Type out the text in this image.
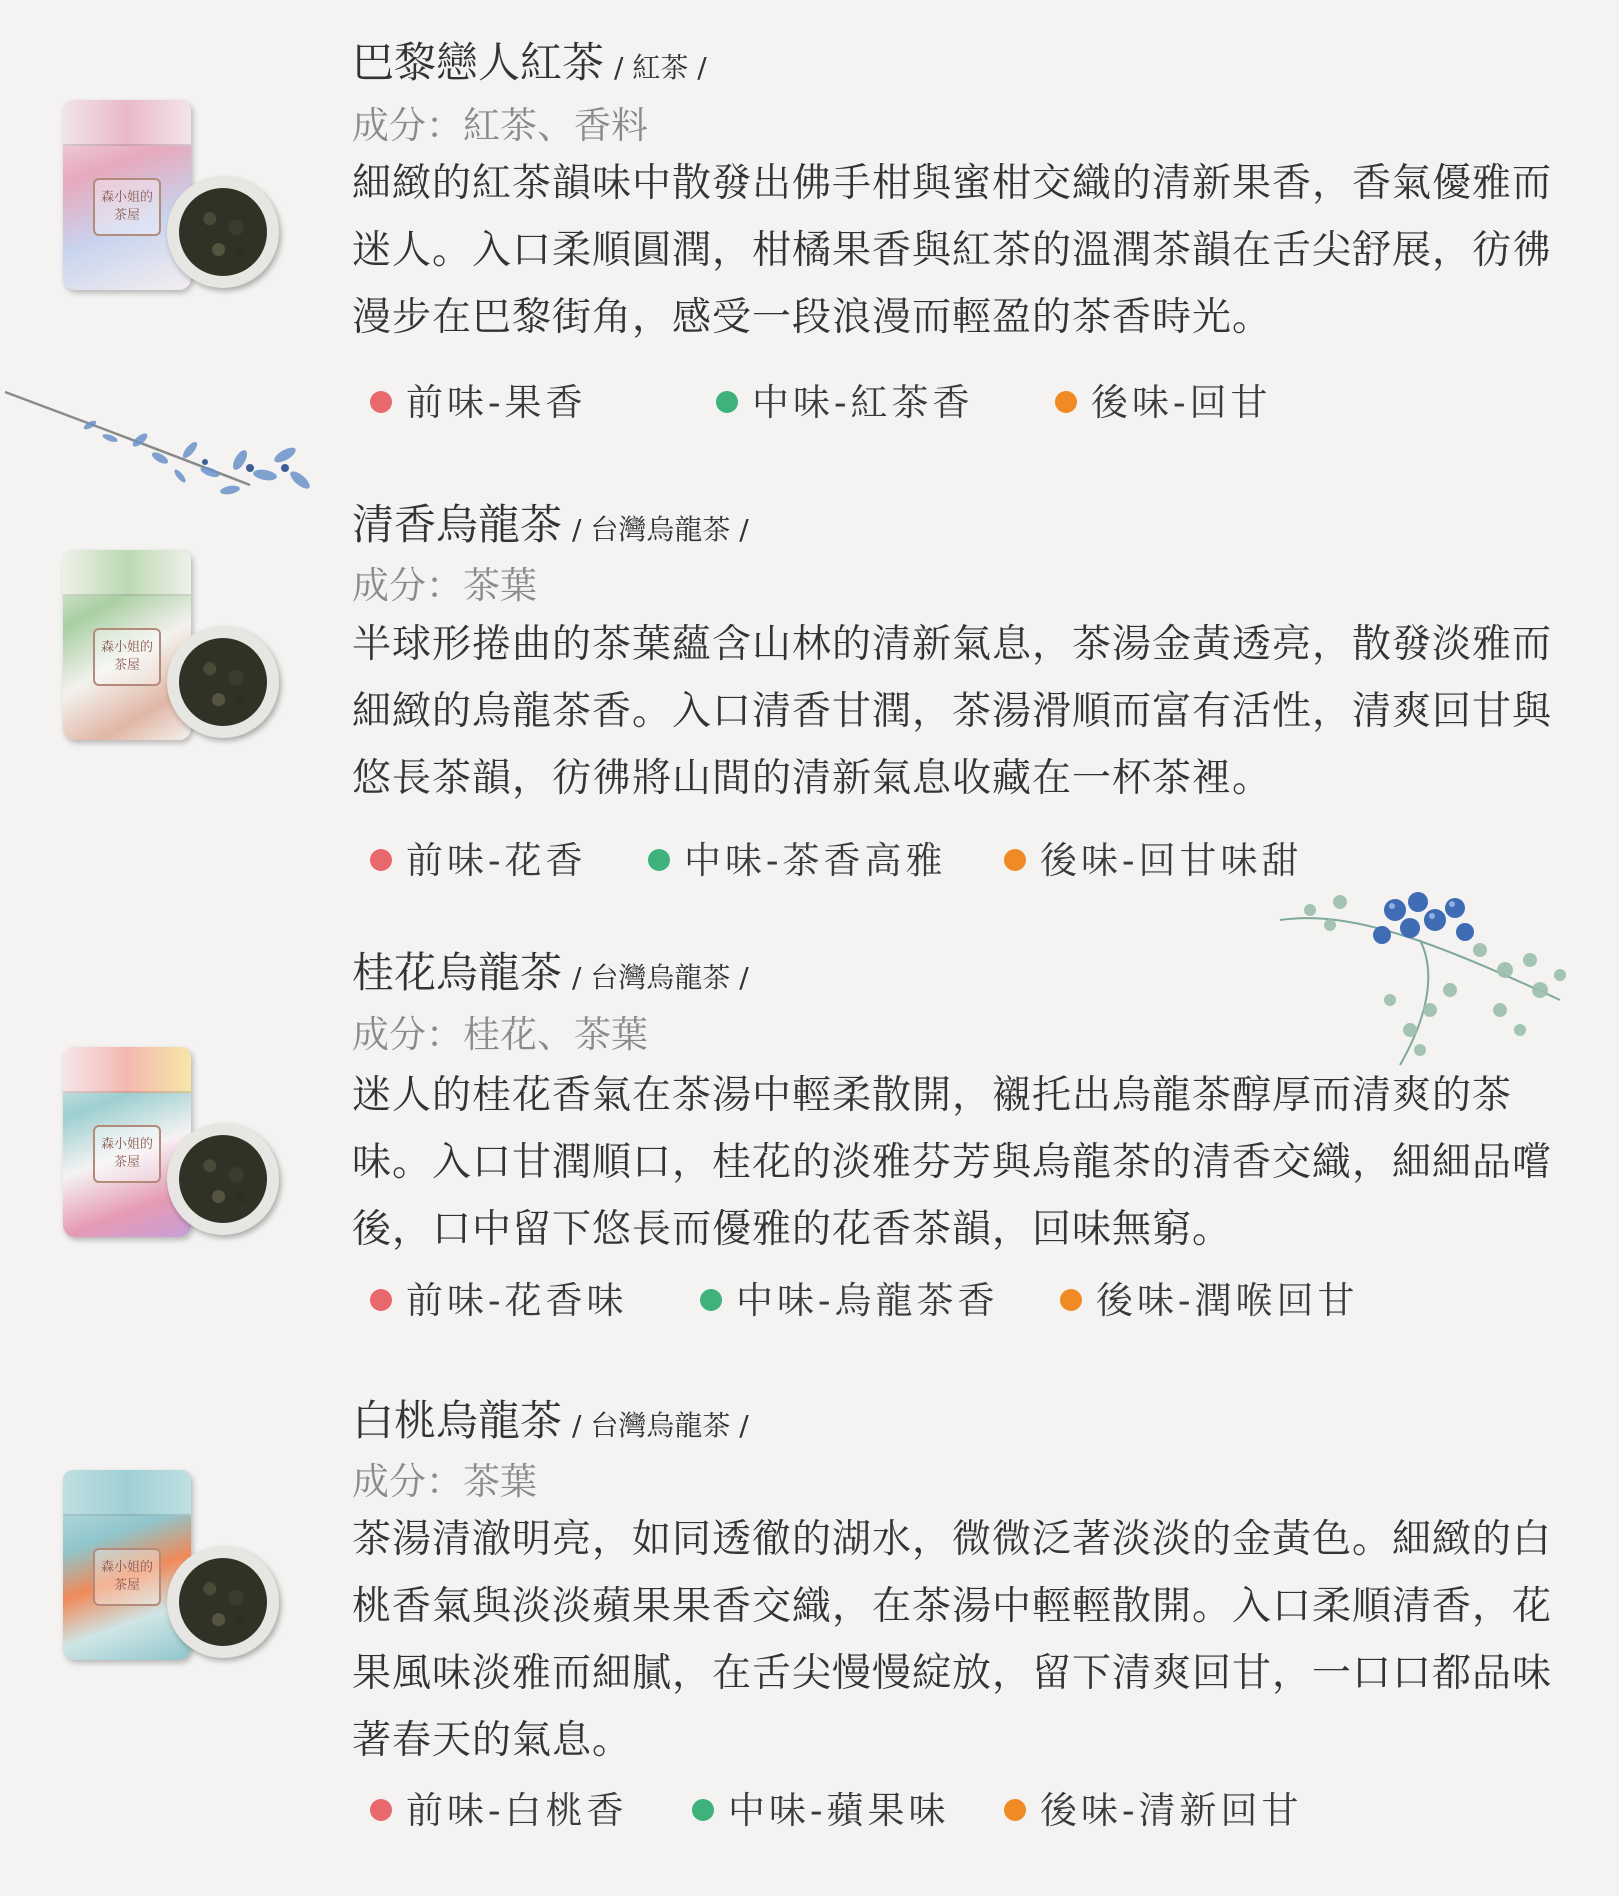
森小姐的茶屋
巴黎戀人紅茶 / 紅茶 /
成分：紅茶、香料
細緻的紅茶韻味中散發出佛手柑與蜜柑交織的清新果香，香氣優雅而迷人。入口柔順圓潤，柑橘果香與紅茶的溫潤茶韻在舌尖舒展，彷彿漫步在巴黎街角，感受一段浪漫而輕盈的茶香時光。
前味-果香	中味-紅茶香	後味-回甘
森小姐的茶屋
清香烏龍茶 / 台灣烏龍茶 /
成分：茶葉
半球形捲曲的茶葉蘊含山林的清新氣息，茶湯金黃透亮，散發淡雅而細緻的烏龍茶香。入口清香甘潤，茶湯滑順而富有活性，清爽回甘與悠長茶韻，彷彿將山間的清新氣息收藏在一杯茶裡。
前味-花香	中味-茶香高雅	後味-回甘味甜
森小姐的茶屋
桂花烏龍茶 / 台灣烏龍茶 /
成分：桂花、茶葉
迷人的桂花香氣在茶湯中輕柔散開，襯托出烏龍茶醇厚而清爽的茶味。入口甘潤順口，桂花的淡雅芬芳與烏龍茶的清香交織，細細品嚐後，口中留下悠長而優雅的花香茶韻，回味無窮。
前味-花香味	中味-烏龍茶香	後味-潤喉回甘
森小姐的茶屋
白桃烏龍茶 / 台灣烏龍茶 /
成分：茶葉
茶湯清澈明亮，如同透徹的湖水，微微泛著淡淡的金黃色。細緻的白桃香氣與淡淡蘋果果香交織，在茶湯中輕輕散開。入口柔順清香，花果風味淡雅而細膩，在舌尖慢慢綻放，留下清爽回甘，一口口都品味著春天的氣息。
前味-白桃香	中味-蘋果味	後味-清新回甘
